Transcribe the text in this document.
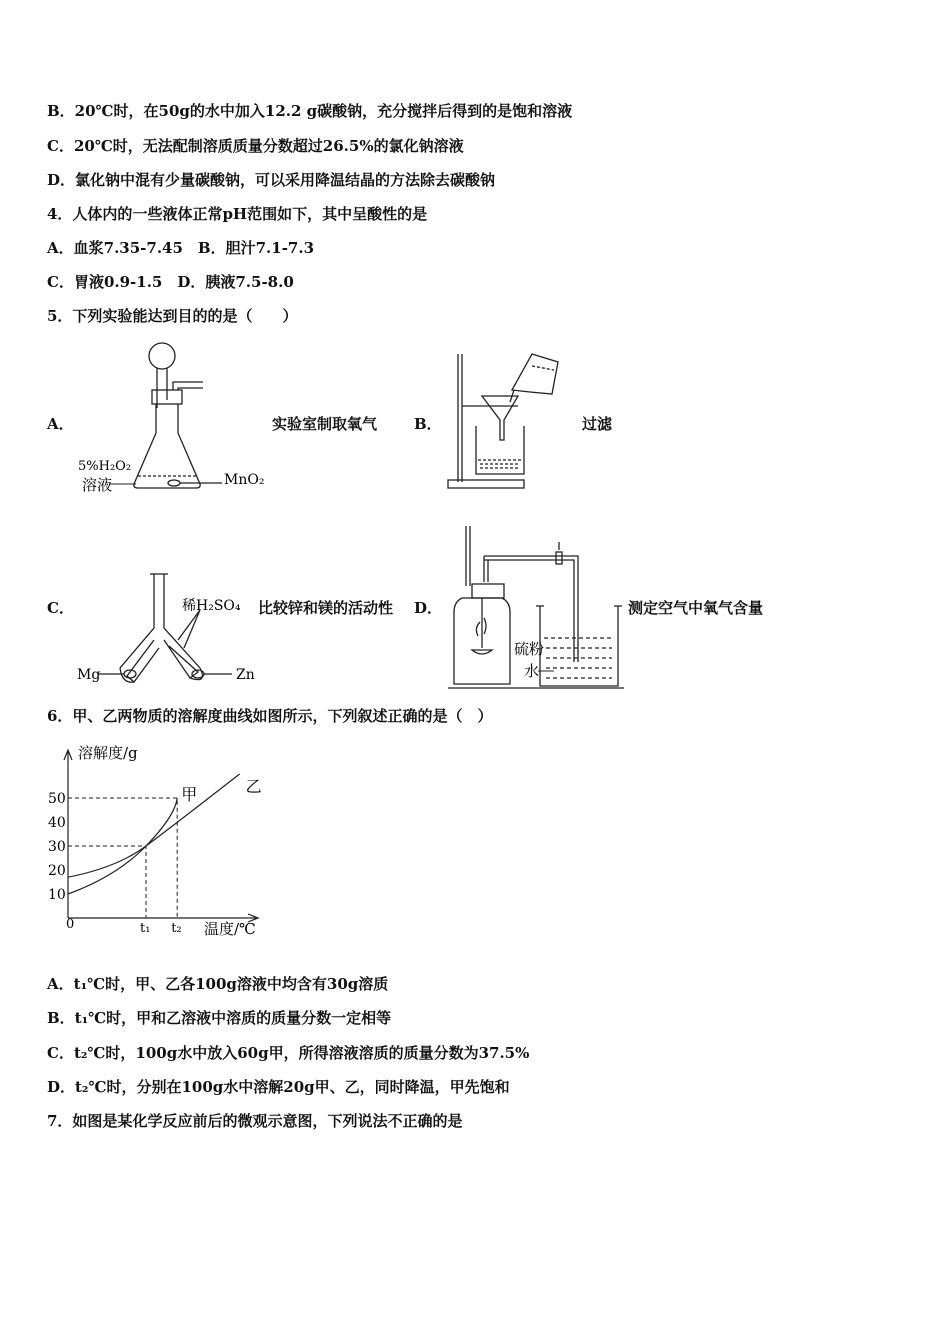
B．20℃时，在50g的水中加入12.2 g碳酸钠，充分搅拌后得到的是饱和溶液
C．20℃时，无法配制溶质质量分数超过26.5%的氯化钠溶液
D．氯化钠中混有少量碳酸钠，可以采用降温结晶的方法除去碳酸钠
4．人体内的一些液体正常pH范围如下，其中呈酸性的是
A．血浆7.35-7.45　B．胆汁7.1-7.3
C．胃液0.9-1.5　D．胰液7.5-8.0
5．下列实验能达到目的的是（　　）
A．	实验室制取氧气 B．	过滤
5%H₂O₂
溶液	MnO₂
C．	比较锌和镁的活动性 D．	测定空气中氧气含量
稀H₂SO₄
Mg	Zn
硫粉
水
6．甲、乙两物质的溶解度曲线如图所示，下列叙述正确的是（　）
溶解度/g
温度/℃
0
10
20
30
40
50
t₁ t₂
甲	乙
A．t₁℃时，甲、乙各100g溶液中均含有30g溶质
B．t₁℃时，甲和乙溶液中溶质的质量分数一定相等
C．t₂℃时，100g水中放入60g甲，所得溶液溶质的质量分数为37.5%
D．t₂℃时，分别在100g水中溶解20g甲、乙，同时降温，甲先饱和
7．如图是某化学反应前后的微观示意图，下列说法不正确的是
